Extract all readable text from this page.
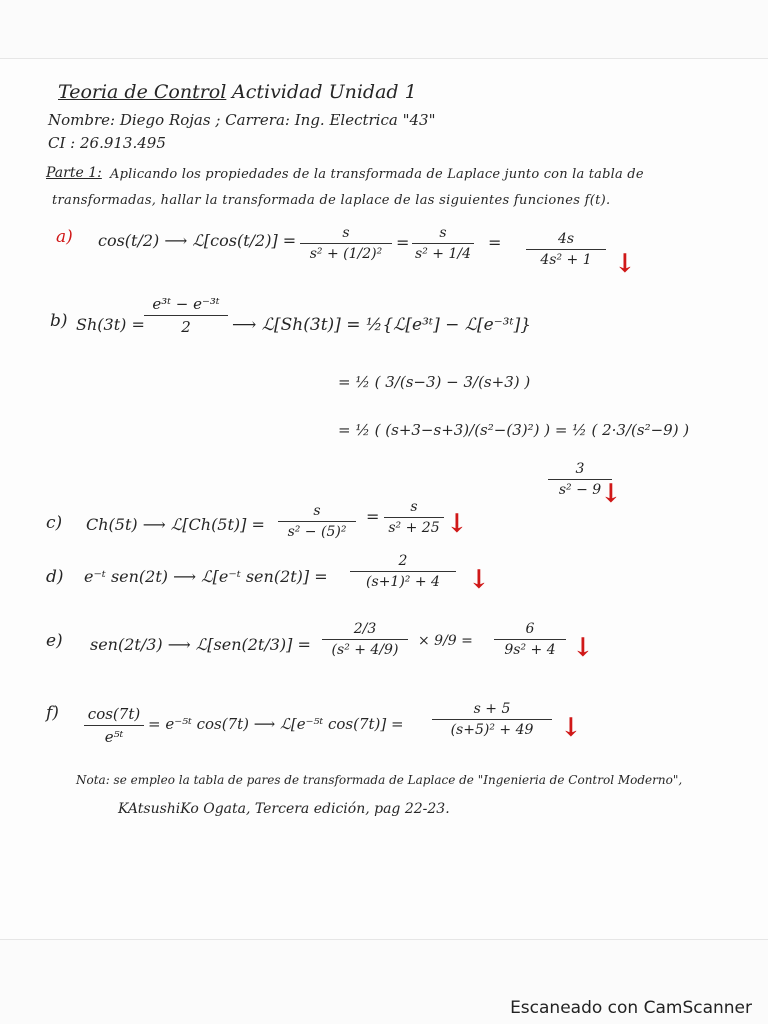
Teoria de Control Actividad Unidad 1
Nombre: Diego Rojas ; Carrera: Ing. Electrica "43"
CI : 26.913.495
Parte 1: Aplicando los propiedades de la transformada de Laplace junto con la tabla de
transformadas, hallar la transformada de laplace de las siguientes funciones f(t).
a) cos(t/2) ⟶ ℒ[cos(t/2)] =	s
s² + (1/2)²
= s
s² + 1/4
=	4s
4s² + 1 ↓
b) Sh(3t) =
e³ᵗ − e⁻³ᵗ
2 ⟶ ℒ[Sh(3t)] = ½{ℒ[e³ᵗ] − ℒ[e⁻³ᵗ]}
= ½ ( 3/(s−3) − 3/(s+3) )
= ½ ( (s+3−s+3)/(s²−(3)²) ) = ½ ( 2·3/(s²−9) )
3
s² − 9
↓
c) Ch(5t) ⟶ ℒ[Ch(5t)] =
s
s² − (5)²
= s
s² + 25 ↓
d) e⁻ᵗ sen(2t) ⟶ ℒ[e⁻ᵗ sen(2t)] =
2
(s+1)² + 4 ↓
e) sen(2t/3) ⟶ ℒ[sen(2t/3)] =
2/3
(s² + 4/9)
× 9/9 =
6
9s² + 4 ↓
f) cos(7t)
e⁵ᵗ
= e⁻⁵ᵗ cos(7t) ⟶ ℒ[e⁻⁵ᵗ cos(7t)] =
s + 5
(s+5)² + 49 ↓
Nota: se empleo la tabla de pares de transformada de Laplace de "Ingenieria de Control Moderno",
KAtsushiKo Ogata, Tercera edición, pag 22-23.
Escaneado con CamScanner
